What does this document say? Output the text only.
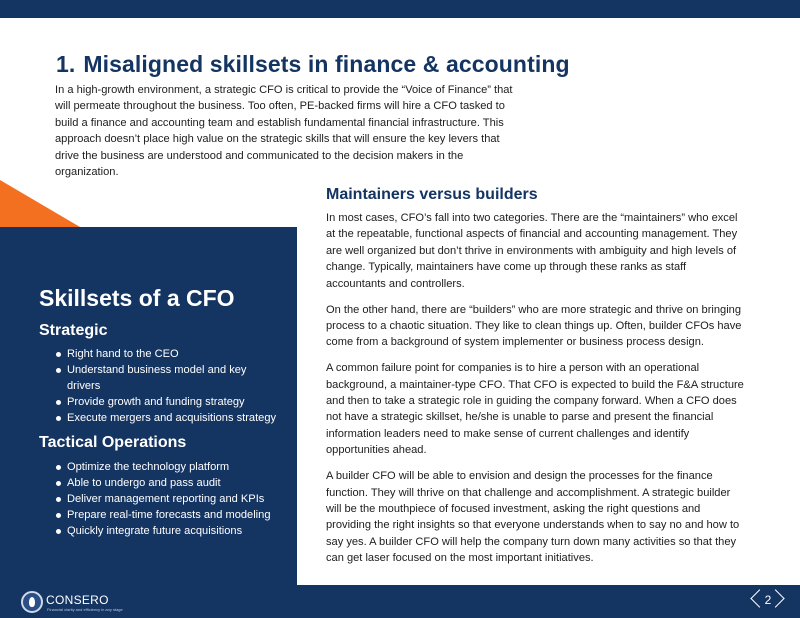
1. Misaligned skillsets in finance & accounting

In a high-growth environment, a strategic CFO is critical to provide the “Voice of Finance” that will permeate throughout the business. Too often, PE-backed firms will hire a CFO tasked to build a finance and accounting team and establish fundamental financial infrastructure. This approach doesn’t place high value on the strategic skills that will ensure the key levers that drive the business are understood and communicated to the decision makers in the organization.

Skillsets of a CFO
Strategic
Right hand to the CEO
Understand business model and key drivers
Provide growth and funding strategy
Execute mergers and acquisitions strategy
Tactical Operations
Optimize the technology platform
Able to undergo and pass audit
Deliver management reporting and KPIs
Prepare real-time forecasts and modeling
Quickly integrate future acquisitions
Maintainers versus builders

In most cases, CFO’s fall into two categories. There are the “maintainers” who excel at the repeatable, functional aspects of financial and accounting management. They are well organized but don’t thrive in environments with ambiguity and high levels of change. Typically, maintainers have come up through these ranks as staff accountants and controllers.

On the other hand, there are “builders” who are more strategic and thrive on bringing process to a chaotic situation. They like to clean things up. Often, builder CFOs have come from a background of system implementer or business process design.

A common failure point for companies is to hire a person with an operational background, a maintainer-type CFO. That CFO is expected to build the F&A structure and then to take a strategic role in guiding the company forward. When a CFO does not have a strategic skillset, he/she is unable to parse and present the financial information leaders need to make sense of current challenges and identify opportunities ahead.

A builder CFO will be able to envision and design the processes for the finance function. They will thrive on that challenge and accomplishment. A strategic builder will be the mouthpiece of focused investment, asking the right questions and providing the right insights so that everyone understands when to say no and how to say yes. A builder CFO will help the company turn down many activities so that they can get laser focused on the most important initiatives.

CONSERO
Financial clarity and efficiency in any stage
2
